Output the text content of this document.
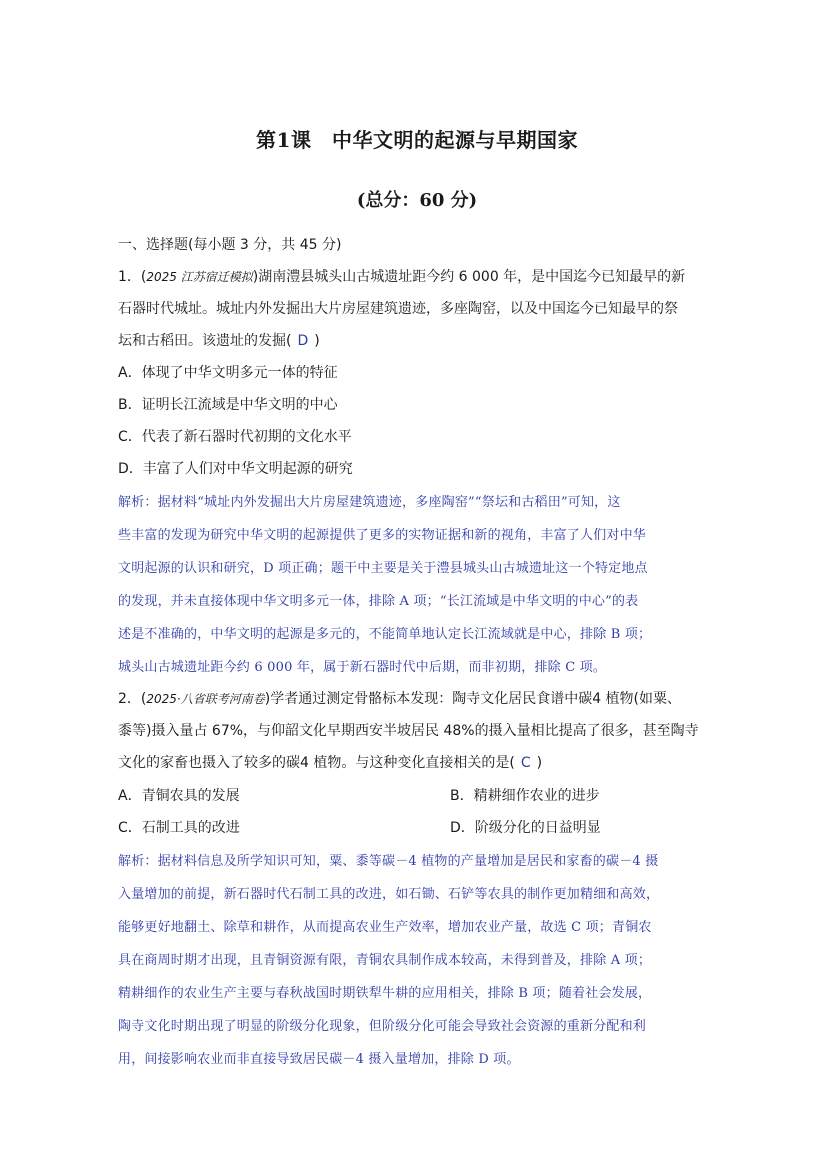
第1课　中华文明的起源与早期国家
(总分：60 分)
一、选择题(每小题 3 分，共 45 分)
1．(2025 江苏宿迁模拟)湖南澧县城头山古城遗址距今约 6 000 年，是中国迄今已知最早的新
石器时代城址。城址内外发掘出大片房屋建筑遗迹，多座陶窑，以及中国迄今已知最早的祭
坛和古稻田。该遗址的发掘( D )
A．体现了中华文明多元一体的特征
B．证明长江流域是中华文明的中心
C．代表了新石器时代初期的文化水平
D．丰富了人们对中华文明起源的研究
解析：据材料“城址内外发掘出大片房屋建筑遗迹，多座陶窑”“祭坛和古稻田”可知，这
些丰富的发现为研究中华文明的起源提供了更多的实物证据和新的视角，丰富了人们对中华
文明起源的认识和研究，D 项正确；题干中主要是关于澧县城头山古城遗址这一个特定地点
的发现，并未直接体现中华文明多元一体，排除 A 项；“长江流域是中华文明的中心”的表
述是不准确的，中华文明的起源是多元的，不能简单地认定长江流域就是中心，排除 B 项；
城头山古城遗址距今约 6 000 年，属于新石器时代中后期，而非初期，排除 C 项。
2．(2025·八省联考河南卷)学者通过测定骨骼标本发现：陶寺文化居民食谱中碳4 植物(如粟、
黍等)摄入量占 67%，与仰韶文化早期西安半坡居民 48%的摄入量相比提高了很多，甚至陶寺
文化的家畜也摄入了较多的碳4 植物。与这种变化直接相关的是( C )
A．青铜农具的发展	B．精耕细作农业的进步
C．石制工具的改进	D．阶级分化的日益明显
解析：据材料信息及所学知识可知，粟、黍等碳－4 植物的产量增加是居民和家畜的碳－4 摄
入量增加的前提，新石器时代石制工具的改进，如石锄、石铲等农具的制作更加精细和高效，
能够更好地翻土、除草和耕作，从而提高农业生产效率，增加农业产量，故选 C 项；青铜农
具在商周时期才出现，且青铜资源有限，青铜农具制作成本较高，未得到普及，排除 A 项；
精耕细作的农业生产主要与春秋战国时期铁犁牛耕的应用相关，排除 B 项；随着社会发展，
陶寺文化时期出现了明显的阶级分化现象，但阶级分化可能会导致社会资源的重新分配和利
用，间接影响农业而非直接导致居民碳－4 摄入量增加，排除 D 项。
